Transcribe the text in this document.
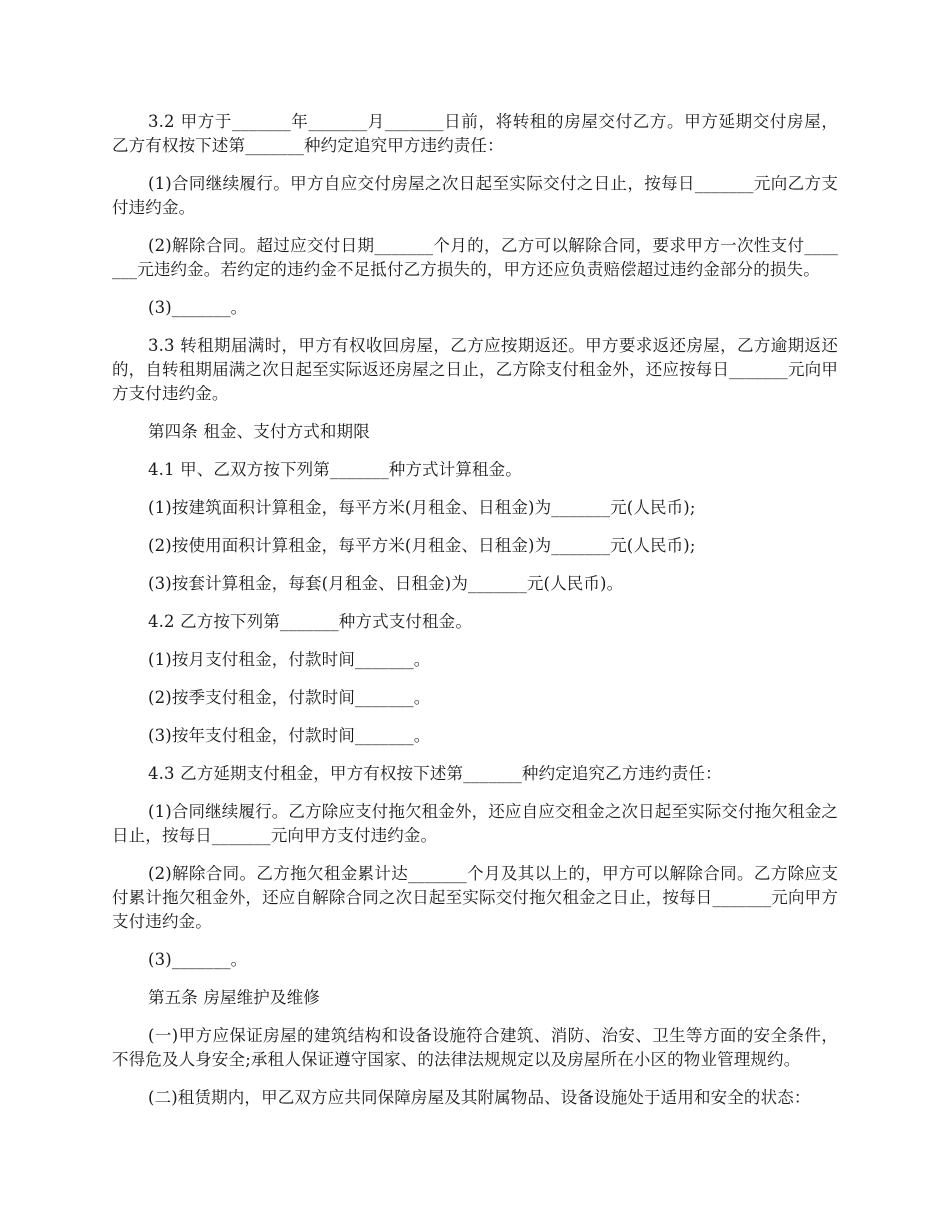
3.2 甲方于_______年_______月_______日前，将转租的房屋交付乙方。甲方延期交付房屋，乙方有权按下述第_______种约定追究甲方违约责任：

(1)合同继续履行。甲方自应交付房屋之次日起至实际交付之日止，按每日_______元向乙方支付违约金。

(2)解除合同。超过应交付日期_______个月的，乙方可以解除合同，要求甲方一次性支付_______元违约金。若约定的违约金不足抵付乙方损失的，甲方还应负责赔偿超过违约金部分的损失。

(3)_______。

3.3 转租期届满时，甲方有权收回房屋，乙方应按期返还。甲方要求返还房屋，乙方逾期返还的，自转租期届满之次日起至实际返还房屋之日止，乙方除支付租金外，还应按每日_______元向甲方支付违约金。

第四条 租金、支付方式和期限

4.1 甲、乙双方按下列第_______种方式计算租金。

(1)按建筑面积计算租金，每平方米(月租金、日租金)为_______元(人民币);

(2)按使用面积计算租金，每平方米(月租金、日租金)为_______元(人民币);

(3)按套计算租金，每套(月租金、日租金)为_______元(人民币)。

4.2 乙方按下列第_______种方式支付租金。

(1)按月支付租金，付款时间_______。

(2)按季支付租金，付款时间_______。

(3)按年支付租金，付款时间_______。

4.3 乙方延期支付租金，甲方有权按下述第_______种约定追究乙方违约责任：

(1)合同继续履行。乙方除应支付拖欠租金外，还应自应交租金之次日起至实际交付拖欠租金之日止，按每日_______元向甲方支付违约金。

(2)解除合同。乙方拖欠租金累计达_______个月及其以上的，甲方可以解除合同。乙方除应支付累计拖欠租金外，还应自解除合同之次日起至实际交付拖欠租金之日止，按每日_______元向甲方支付违约金。

(3)_______。

第五条 房屋维护及维修

(一)甲方应保证房屋的建筑结构和设备设施符合建筑、消防、治安、卫生等方面的安全条件，不得危及人身安全;承租人保证遵守国家、的法律法规规定以及房屋所在小区的物业管理规约。

(二)租赁期内，甲乙双方应共同保障房屋及其附属物品、设备设施处于适用和安全的状态：
